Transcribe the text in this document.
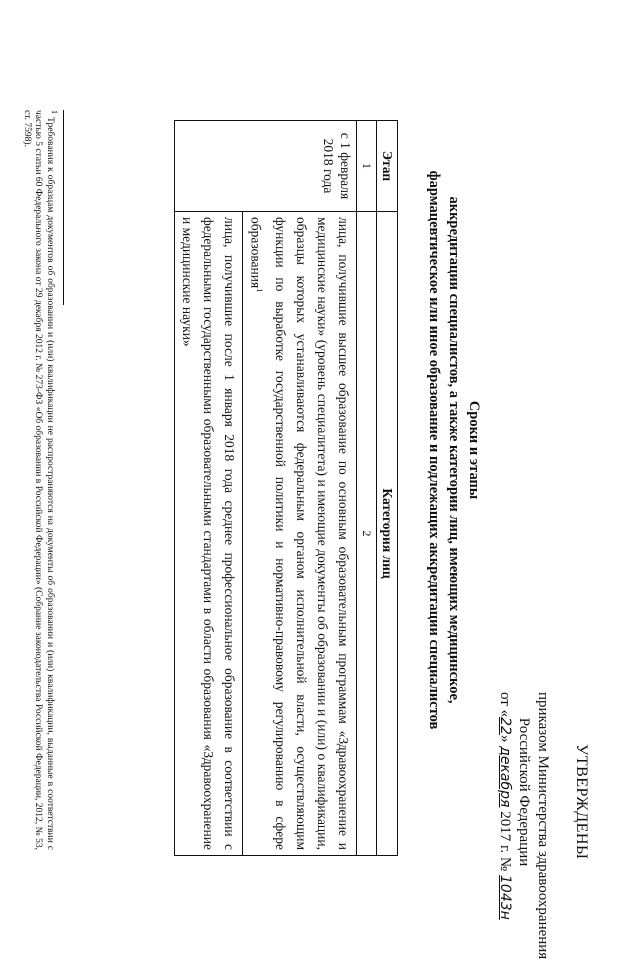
УТВЕРЖДЕНЫ
приказом Министерства здравоохранения
Российской Федерации
от «22» декабря 2017 г. № 1043н
Сроки и этапы
аккредитации специалистов, а также категории лиц, имеющих медицинское,
фармацевтическое или иное образование и подлежащих аккредитации специалистов
Этап	Категория лиц
1	2
с 1 февраля 2018 года	лица, получившие высшее образование по основным образовательным программам «Здравоохранение и медицинские науки» (уровень специалитета) и имеющие документы об образовании и (или) о квалификации, образцы которых устанавливаются федеральным органом исполнительной власти, осуществляющим функции по выработке государственной политики и нормативно-правовому регулированию в сфере образования$^1$
	лица, получившие после 1 января 2018 года среднее профессиональное образование в соответствии с федеральными государственными образовательными стандартами в области образования «Здравоохранение и медицинские науки»
$^1$ Требования к образцам документов об образовании и (или) квалификации не распространяются на документы об образовании и (или) квалификации, выданные в соответствии с частью 5 статьи 60 Федерального закона от 29 декабря 2012 г. № 273-ФЗ «Об образовании в Российской Федерации» (Собрание законодательства Российской Федерации, 2012, № 53, ст. 7598).
